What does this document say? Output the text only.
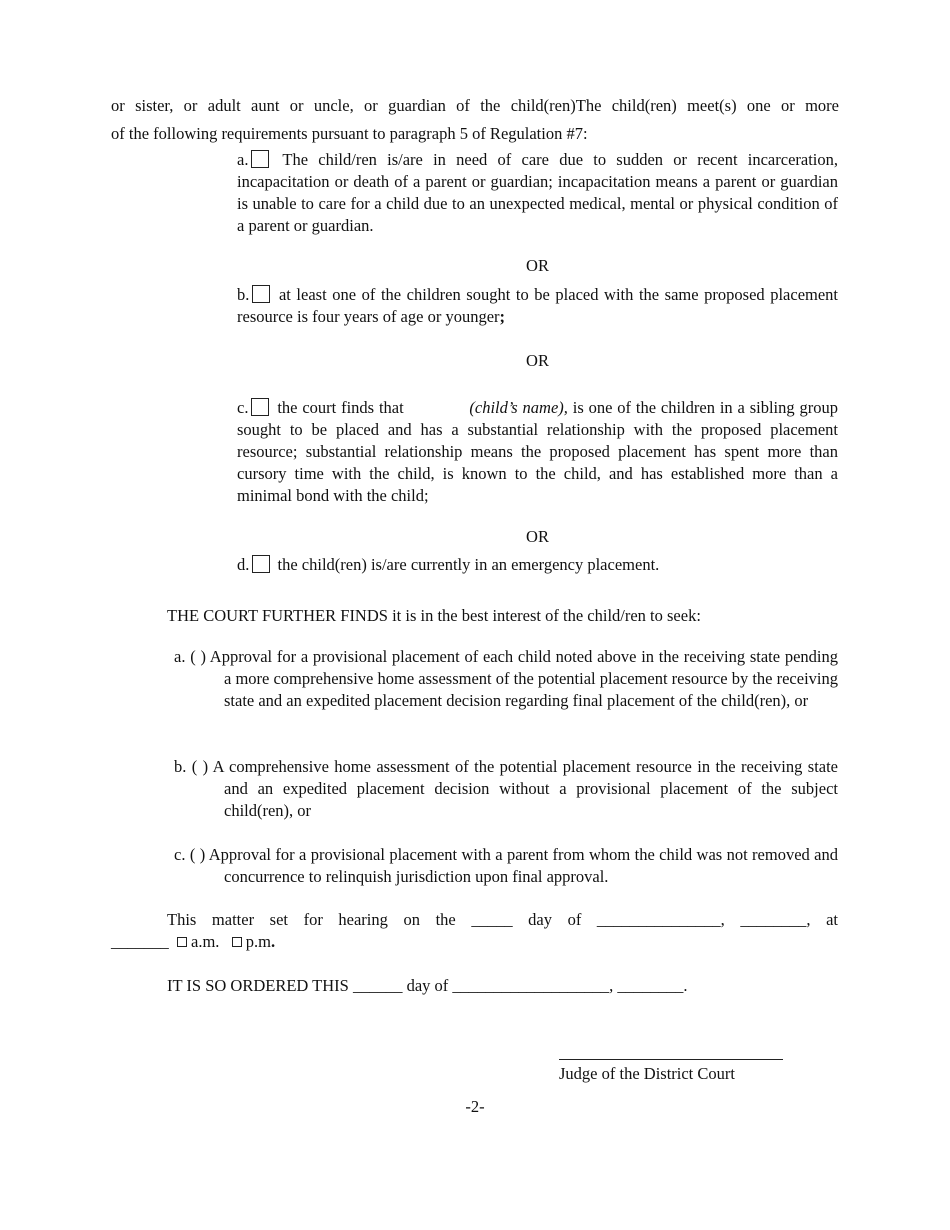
or sister, or adult aunt or uncle, or guardian of the child(ren)The child(ren) meet(s) one or more
of the following requirements pursuant to paragraph 5 of Regulation #7:
a. The child/ren is/are in need of care due to sudden or recent incarceration, incapacitation or death of a parent or guardian; incapacitation means a parent or guardian is unable to care for a child due to an unexpected medical, mental or physical condition of a parent or guardian.
OR
b. at least one of the children sought to be placed with the same proposed placement resource is four years of age or younger;
OR
c. the court finds that	(child’s name), is one of the children in a sibling group sought to be placed and has a substantial relationship with the proposed placement resource; substantial relationship means the proposed placement has spent more than cursory time with the child, is known to the child, and has established more than a minimal bond with the child;
OR
d. the child(ren) is/are currently in an emergency placement.
THE COURT FURTHER FINDS it is in the best interest of the child/ren to seek:
a. ( ) Approval for a provisional placement of each child noted above in the receiving state pending a more comprehensive home assessment of the potential placement resource by the receiving state and an expedited placement decision regarding final placement of the child(ren), or
b. ( ) A comprehensive home assessment of the potential placement resource in the receiving state and an expedited placement decision without a provisional placement of the subject child(ren), or
c. ( ) Approval for a provisional placement with a parent from whom the child was not removed and concurrence to relinquish jurisdiction upon final approval.
This matter set for hearing on the _____ day of _______________, ________, at
_______ a.m. p.m.
IT IS SO ORDERED THIS ______ day of ___________________, ________.
Judge of the District Court
-2-
